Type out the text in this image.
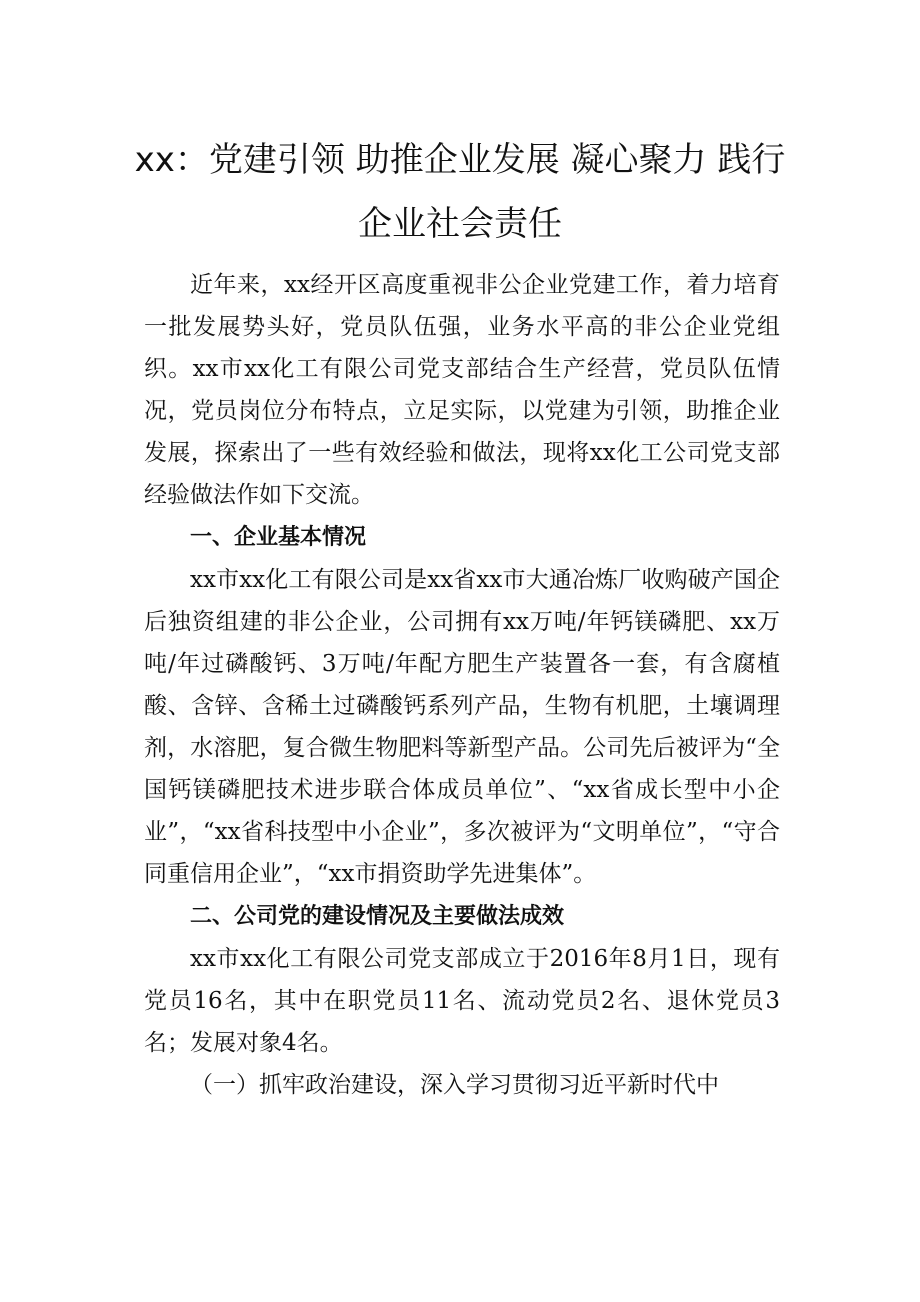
xx：党建引领 助推企业发展 凝心聚力 践行
企业社会责任

近年来，xx经开区高度重视非公企业党建工作，着力培育一批发展势头好，党员队伍强，业务水平高的非公企业党组织。xx市xx化工有限公司党支部结合生产经营，党员队伍情况，党员岗位分布特点，立足实际，以党建为引领，助推企业发展，探索出了一些有效经验和做法，现将xx化工公司党支部经验做法作如下交流。

一、企业基本情况

xx市xx化工有限公司是xx省xx市大通冶炼厂收购破产国企后独资组建的非公企业，公司拥有xx万吨/年钙镁磷肥、xx万吨/年过磷酸钙、3万吨/年配方肥生产装置各一套，有含腐植酸、含锌、含稀土过磷酸钙系列产品，生物有机肥，土壤调理剂，水溶肥，复合微生物肥料等新型产品。公司先后被评为“全国钙镁磷肥技术进步联合体成员单位”、“xx省成长型中小企业”，“xx省科技型中小企业”，多次被评为“文明单位”，“守合同重信用企业”，“xx市捐资助学先进集体”。

二、公司党的建设情况及主要做法成效

xx市xx化工有限公司党支部成立于2016年8月1日，现有党员16名，其中在职党员11名、流动党员2名、退休党员3名；发展对象4名。

（一）抓牢政治建设，深入学习贯彻习近平新时代中
